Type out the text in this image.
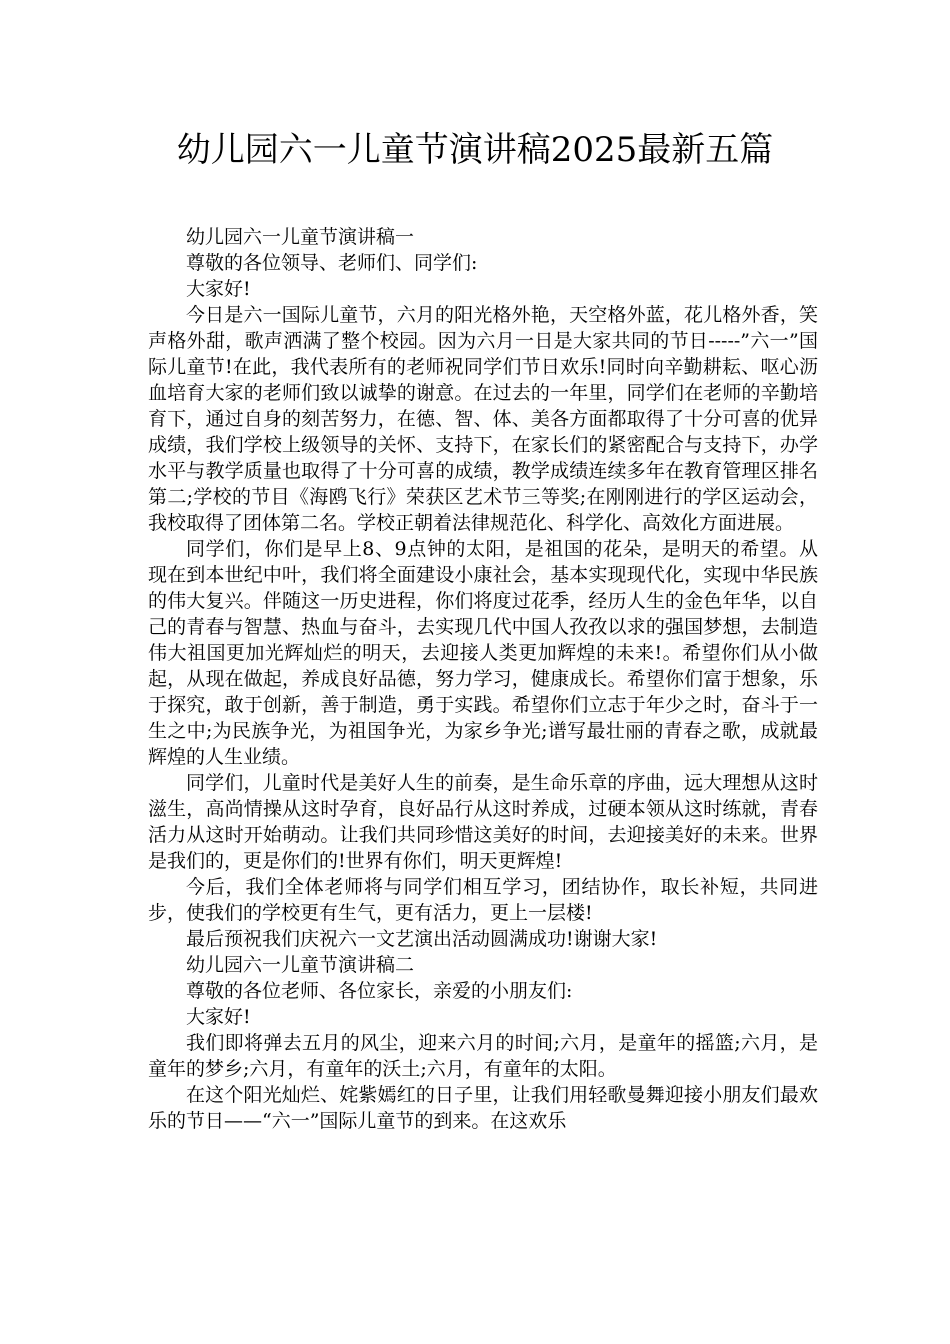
幼儿园六一儿童节演讲稿2025最新五篇

幼儿园六一儿童节演讲稿一

尊敬的各位领导、老师们、同学们:

大家好!

今日是六一国际儿童节，六月的阳光格外艳，天空格外蓝，花儿格外香，笑声格外甜，歌声洒满了整个校园。因为六月一日是大家共同的节日-----”六一”国际儿童节!在此，我代表所有的老师祝同学们节日欢乐!同时向辛勤耕耘、呕心沥血培育大家的老师们致以诚挚的谢意。在过去的一年里，同学们在老师的辛勤培育下，通过自身的刻苦努力，在德、智、体、美各方面都取得了十分可喜的优异成绩，我们学校上级领导的关怀、支持下，在家长们的紧密配合与支持下，办学水平与教学质量也取得了十分可喜的成绩，教学成绩连续多年在教育管理区排名第二;学校的节目《海鸥飞行》荣获区艺术节三等奖;在刚刚进行的学区运动会，我校取得了团体第二名。学校正朝着法律规范化、科学化、高效化方面进展。

同学们，你们是早上8、9点钟的太阳，是祖国的花朵，是明天的希望。从现在到本世纪中叶，我们将全面建设小康社会，基本实现现代化，实现中华民族的伟大复兴。伴随这一历史进程，你们将度过花季，经历人生的金色年华，以自己的青春与智慧、热血与奋斗，去实现几代中国人孜孜以求的强国梦想，去制造伟大祖国更加光辉灿烂的明天，去迎接人类更加辉煌的未来!。希望你们从小做起，从现在做起，养成良好品德，努力学习，健康成长。希望你们富于想象，乐于探究，敢于创新，善于制造，勇于实践。希望你们立志于年少之时，奋斗于一生之中;为民族争光，为祖国争光，为家乡争光;谱写最壮丽的青春之歌，成就最辉煌的人生业绩。

同学们，儿童时代是美好人生的前奏，是生命乐章的序曲，远大理想从这时滋生，高尚情操从这时孕育，良好品行从这时养成，过硬本领从这时练就，青春活力从这时开始萌动。让我们共同珍惜这美好的时间，去迎接美好的未来。世界是我们的，更是你们的!世界有你们，明天更辉煌!

今后，我们全体老师将与同学们相互学习，团结协作，取长补短，共同进步，使我们的学校更有生气，更有活力，更上一层楼!

最后预祝我们庆祝六一文艺演出活动圆满成功!谢谢大家!

幼儿园六一儿童节演讲稿二

尊敬的各位老师、各位家长，亲爱的小朋友们:

大家好!

我们即将弹去五月的风尘，迎来六月的时间;六月，是童年的摇篮;六月，是童年的梦乡;六月，有童年的沃土;六月，有童年的太阳。

在这个阳光灿烂、姹紫嫣红的日子里，让我们用轻歌曼舞迎接小朋友们最欢乐的节日——“六一”国际儿童节的到来。在这欢乐
